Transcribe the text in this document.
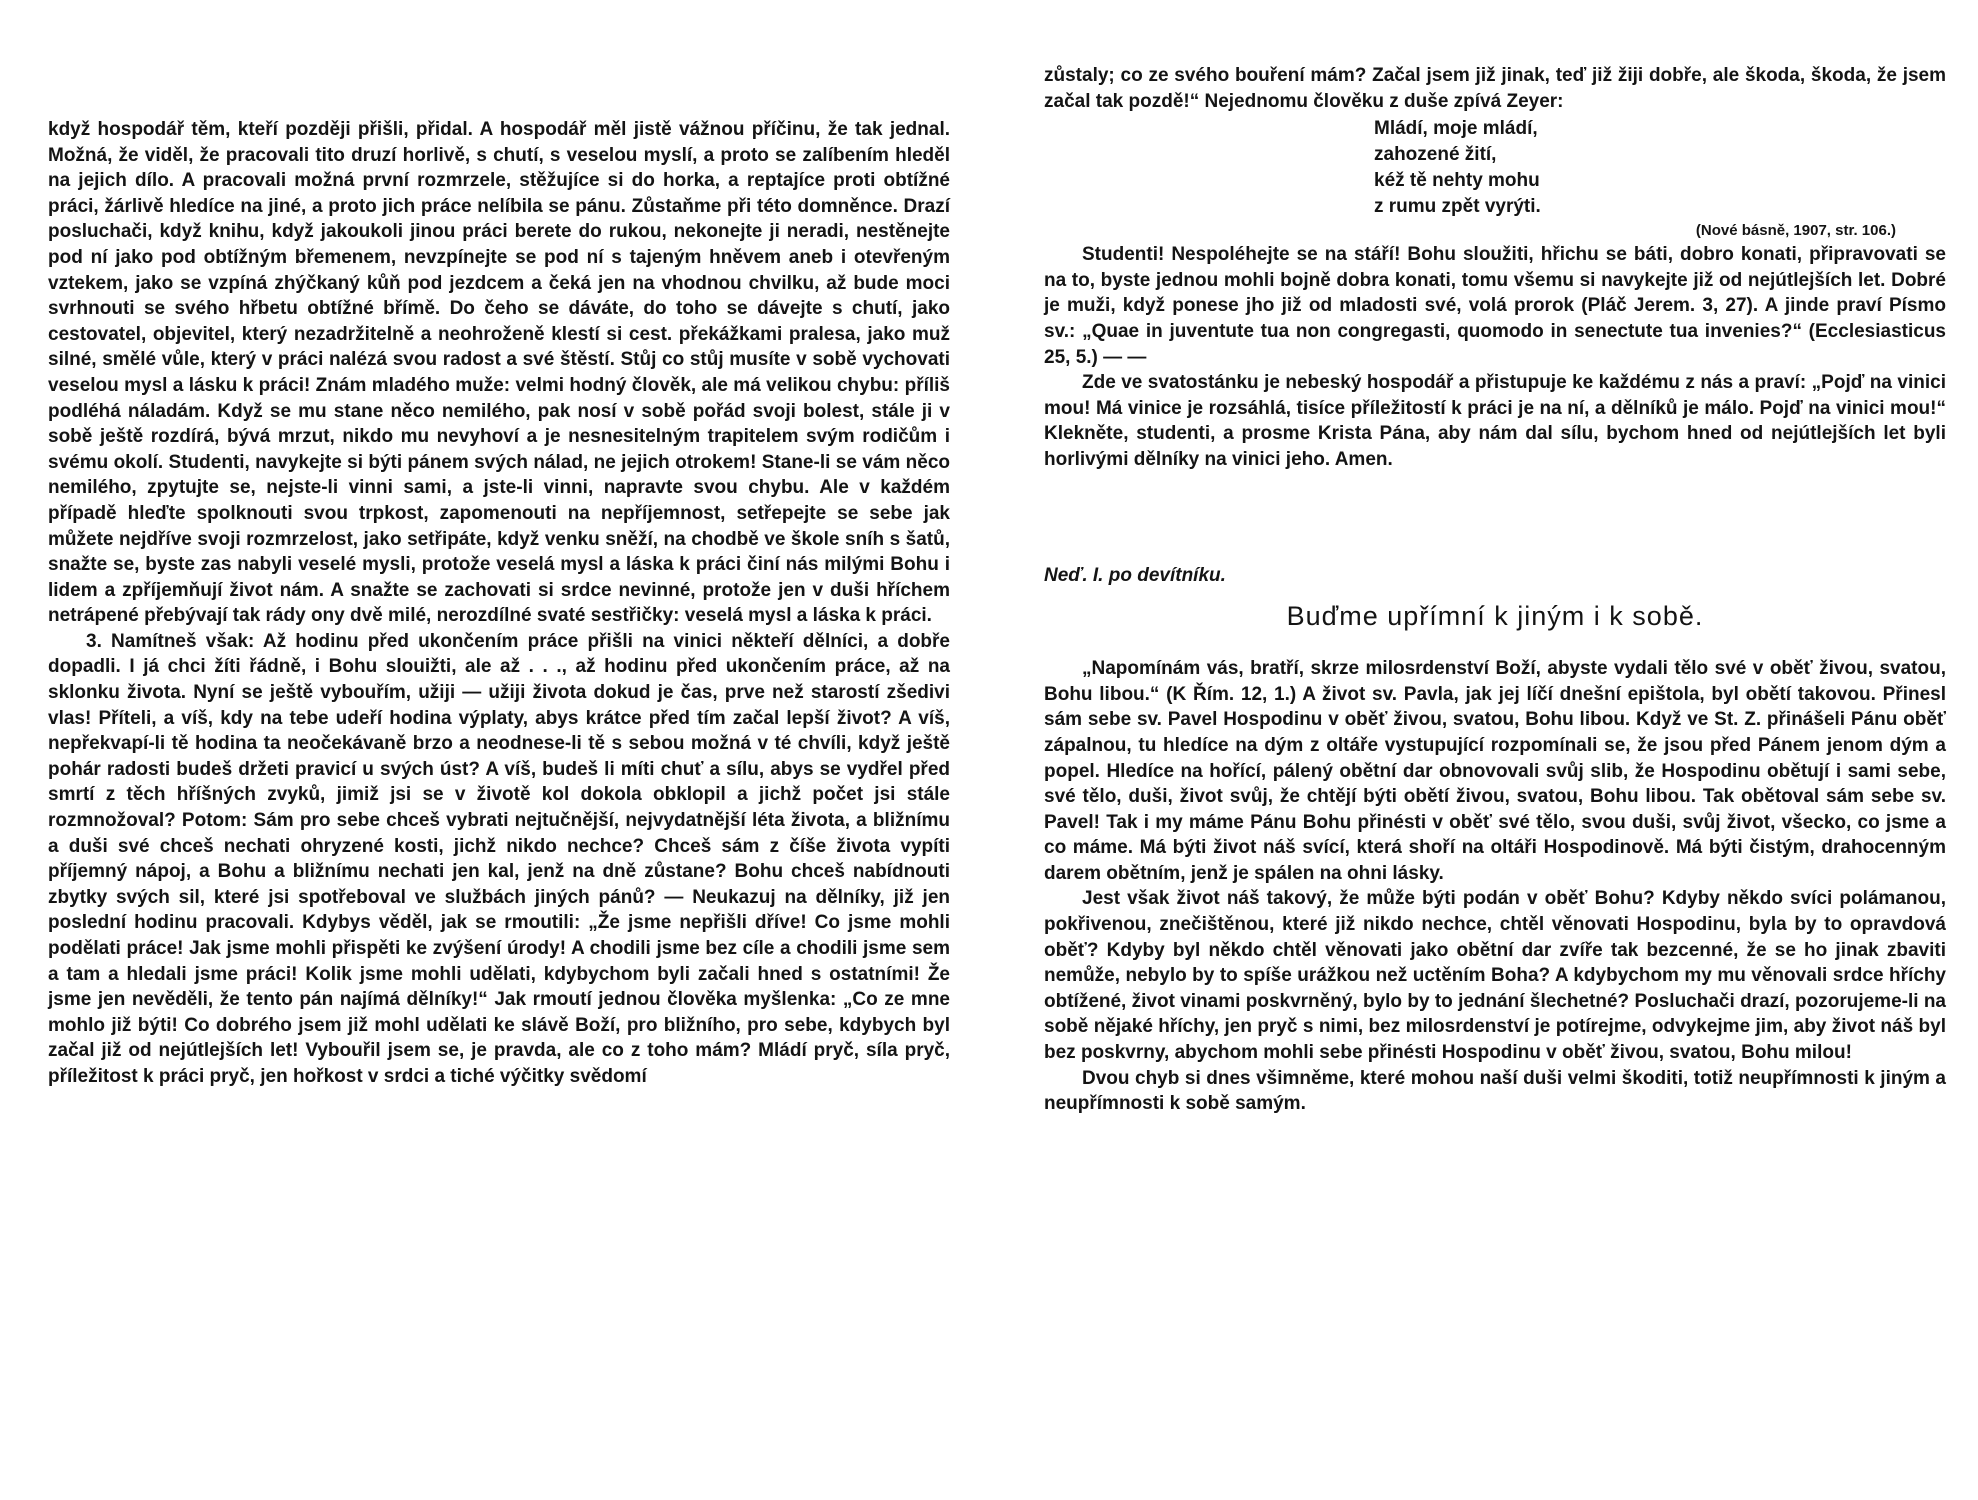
když hospodář těm, kteří později přišli, přidal. A hospodář měl jistě vážnou příčinu, že tak jednal. Možná, že viděl, že pracovali tito druzí horlivě, s chutí, s veselou myslí, a proto se zalíbením hleděl na jejich dílo. A pracovali možná první rozmrzele, stěžujíce si do horka, a reptajíce proti obtížné práci, žárlivě hledíce na jiné, a proto jich práce nelíbila se pánu. Zůstaňme při této domněnce. Drazí posluchači, když knihu, když jakoukoli jinou práci berete do rukou, nekonejte ji neradi, nestěnejte pod ní jako pod obtížným břemenem, nevzpínejte se pod ní s tajeným hněvem aneb i otevřeným vztekem, jako se vzpíná zhýčkaný kůň pod jezdcem a čeká jen na vhodnou chvilku, až bude moci svrhnouti se svého hřbetu obtížné břímě. Do čeho se dáváte, do toho se dávejte s chutí, jako cestovatel, objevitel, který nezadržitelně a neohroženě klestí si cest. překážkami pralesa, jako muž silné, smělé vůle, který v práci nalézá svou radost a své štěstí. Stůj co stůj musíte v sobě vychovati veselou mysl a lásku k práci! Znám mladého muže: velmi hodný člověk, ale má velikou chybu: příliš podléhá náladám. Když se mu stane něco nemilého, pak nosí v sobě pořád svoji bolest, stále ji v sobě ještě rozdírá, bývá mrzut, nikdo mu nevyhoví a je nesnesitelným trapitelem svým rodičům i svému okolí. Studenti, navykejte si býti pánem svých nálad, ne jejich otrokem! Stane-li se vám něco nemilého, zpytujte se, nejste-li vinni sami, a jste-li vinni, napravte svou chybu. Ale v každém případě hleďte spolknouti svou trpkost, zapomenouti na nepříjemnost, setřepejte se sebe jak můžete nejdříve svoji rozmrzelost, jako setřipáte, když venku sněží, na chodbě ve škole sníh s šatů, snažte se, byste zas nabyli veselé mysli, protože veselá mysl a láska k práci činí nás milými Bohu i lidem a zpříjemňují život nám. A snažte se zachovati si srdce nevinné, protože jen v duši hříchem netrápené přebývají tak rády ony dvě milé, nerozdílné svaté sestřičky: veselá mysl a láska k práci.

3. Namítneš však: Až hodinu před ukončením práce přišli na vinici někteří dělníci, a dobře dopadli. I já chci žíti řádně, i Bohu slouižti, ale až . . ., až hodinu před ukončením práce, až na sklonku života. Nyní se ještě vybouřím, užiji — užiji života dokud je čas, prve než starostí zšedivi vlas! Příteli, a víš, kdy na tebe udeří hodina výplaty, abys krátce před tím začal lepší život? A víš, nepřekvapí-li tě hodina ta neočekávaně brzo a neodnese-li tě s sebou možná v té chvíli, když ještě pohár radosti budeš držeti pravicí u svých úst? A víš, budeš li míti chuť a sílu, abys se vydřel před smrtí z těch hříšných zvyků, jimiž jsi se v životě kol dokola obklopil a jichž počet jsi stále rozmnožoval? Potom: Sám pro sebe chceš vybrati nejtučnější, nejvydatnější léta života, a bližnímu a duši své chceš nechati ohryzené kosti, jichž nikdo nechce? Chceš sám z číše života vypíti příjemný nápoj, a Bohu a bližnímu nechati jen kal, jenž na dně zůstane? Bohu chceš nabídnouti zbytky svých sil, které jsi spotřeboval ve službách jiných pánů? — Neukazuj na dělníky, již jen poslední hodinu pracovali. Kdybys věděl, jak se rmoutili: „Že jsme nepřišli dříve! Co jsme mohli podělati práce! Jak jsme mohli přispěti ke zvýšení úrody! A chodili jsme bez cíle a chodili jsme sem a tam a hledali jsme práci! Kolik jsme mohli udělati, kdybychom byli začali hned s ostatními! Že jsme jen nevěděli, že tento pán najímá dělníky!“ Jak rmoutí jednou člověka myšlenka: „Co ze mne mohlo již býti! Co dobrého jsem již mohl udělati ke slávě Boží, pro bližního, pro sebe, kdybych byl začal již od nejútlejších let! Vybouřil jsem se, je pravda, ale co z toho mám? Mládí pryč, síla pryč, příležitost k práci pryč, jen hořkost v srdci a tiché výčitky svědomí

zůstaly; co ze svého bouření mám? Začal jsem již jinak, teď již žiji dobře, ale škoda, škoda, že jsem začal tak pozdě!“ Nejednomu člověku z duše zpívá Zeyer:

Mládí, moje mládí,
zahozené žití,
kéž tě nehty mohu
z rumu zpět vyrýti.
(Nové básně, 1907, str. 106.)

Studenti! Nespoléhejte se na stáří! Bohu sloužiti, hřichu se báti, dobro konati, připravovati se na to, byste jednou mohli bojně dobra konati, tomu všemu si navykejte již od nejútlejších let. Dobré je muži, když ponese jho již od mladosti své, volá prorok (Pláč Jerem. 3, 27). A jinde praví Písmo sv.: „Quae in juventute tua non congregasti, quomodo in senectute tua invenies?“ (Ecclesiasticus 25, 5.) — —

Zde ve svatostánku je nebeský hospodář a přistupuje ke každému z nás a praví: „Pojď na vinici mou! Má vinice je rozsáhlá, tisíce příležitostí k práci je na ní, a dělníků je málo. Pojď na vinici mou!“ Klekněte, studenti, a prosme Krista Pána, aby nám dal sílu, bychom hned od nejútlejších let byli horlivými dělníky na vinici jeho. Amen.

Neď. I. po devítníku.
Buďme upřímní k jiným i k sobě.

„Napomínám vás, bratří, skrze milosrdenství Boží, abyste vydali tělo své v oběť živou, svatou, Bohu libou.“ (K Řím. 12, 1.) A život sv. Pavla, jak jej líčí dnešní epištola, byl obětí takovou. Přinesl sám sebe sv. Pavel Hospodinu v oběť živou, svatou, Bohu libou. Když ve St. Z. přinášeli Pánu oběť zápalnou, tu hledíce na dým z oltáře vystupující rozpomínali se, že jsou před Pánem jenom dým a popel. Hledíce na hořící, pálený obětní dar obnovovali svůj slib, že Hospodinu obětují i sami sebe, své tělo, duši, život svůj, že chtějí býti obětí živou, svatou, Bohu libou. Tak obětoval sám sebe sv. Pavel! Tak i my máme Pánu Bohu přinésti v oběť své tělo, svou duši, svůj život, všecko, co jsme a co máme. Má býti život náš svící, která shoří na oltáři Hospodinově. Má býti čistým, drahocenným darem obětním, jenž je spálen na ohni lásky.

Jest však život náš takový, že může býti podán v oběť Bohu? Kdyby někdo svíci polámanou, pokřivenou, znečištěnou, které již nikdo nechce, chtěl věnovati Hospodinu, byla by to opravdová oběť? Kdyby byl někdo chtěl věnovati jako obětní dar zvíře tak bezcenné, že se ho jinak zbaviti nemůže, nebylo by to spíše urážkou než uctěním Boha? A kdybychom my mu věnovali srdce hříchy obtížené, život vinami poskvrněný, bylo by to jednání šlechetné? Posluchači drazí, pozorujeme-li na sobě nějaké hříchy, jen pryč s nimi, bez milosrdenství je potírejme, odvykejme jim, aby život náš byl bez poskvrny, abychom mohli sebe přinésti Hospodinu v oběť živou, svatou, Bohu milou!

Dvou chyb si dnes všimněme, které mohou naší duši velmi škoditi, totiž neupřímnosti k jiným a neupřímnosti k sobě samým.
